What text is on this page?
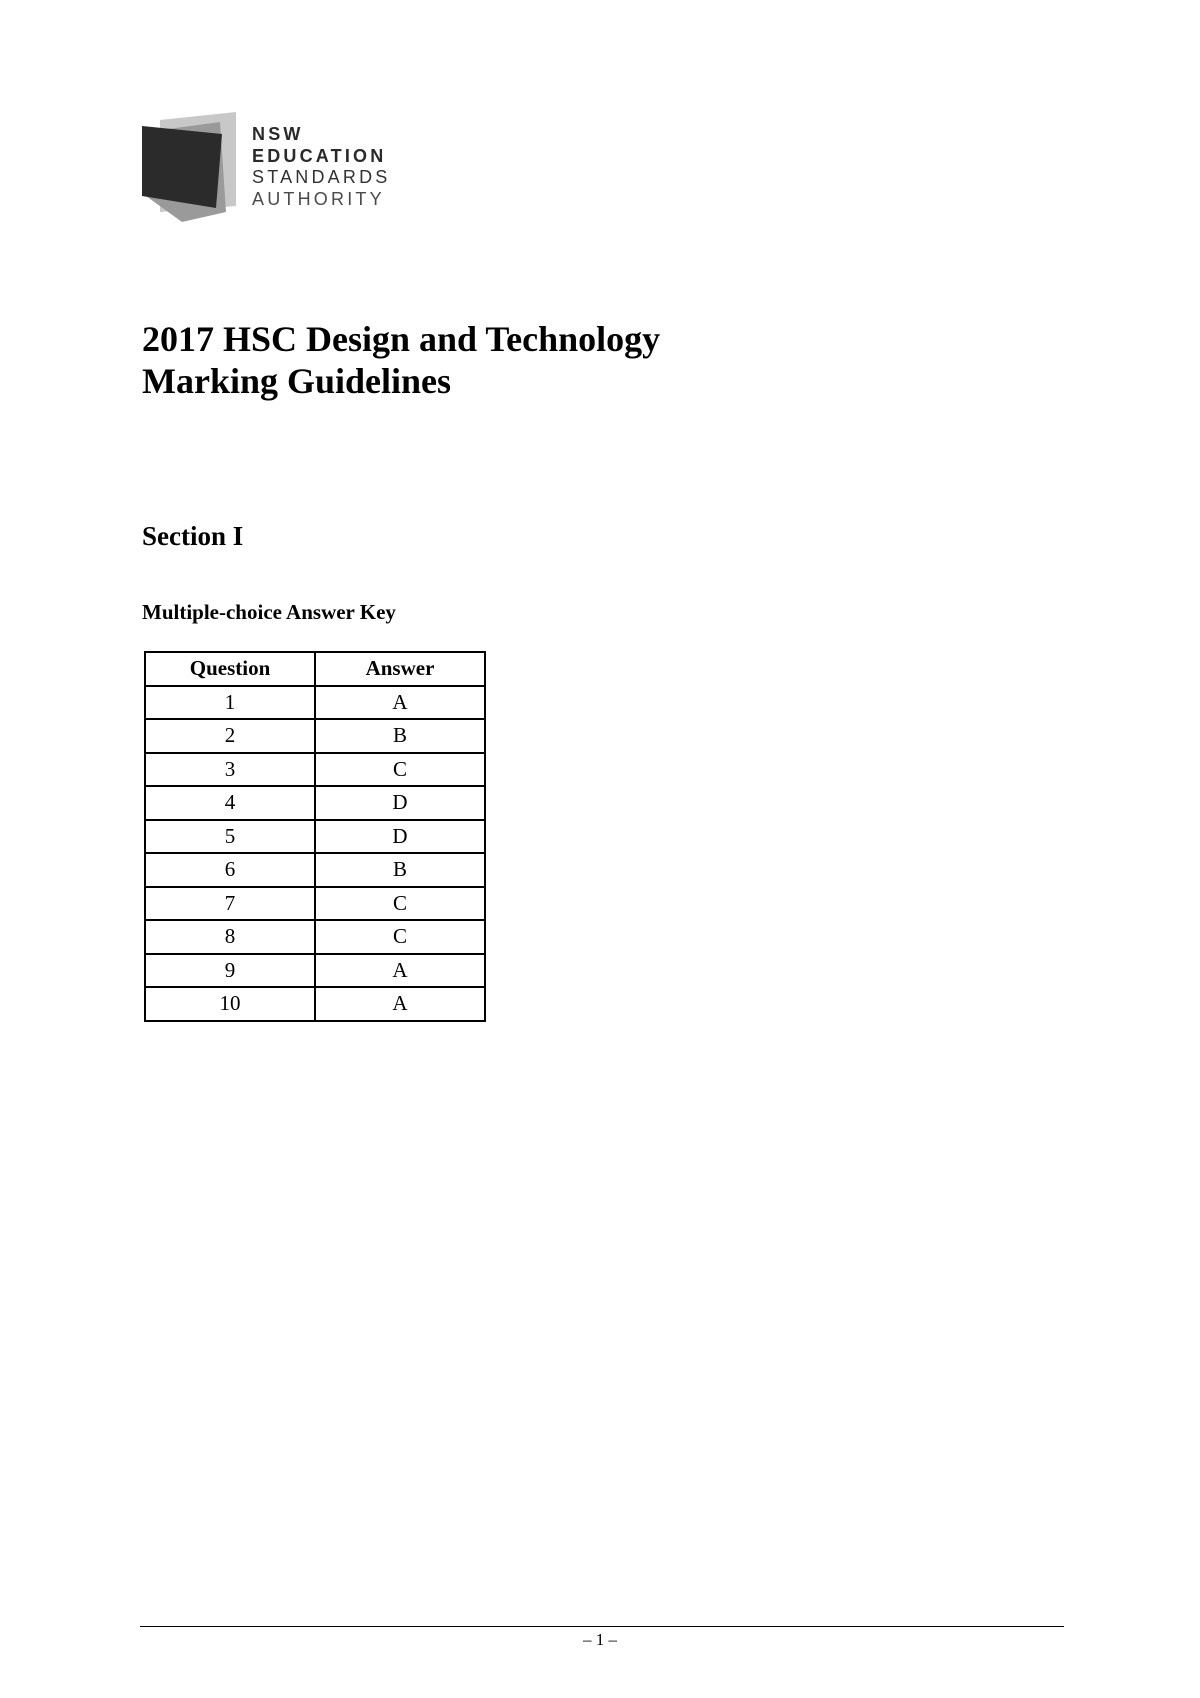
NSW
EDUCATION
STANDARDS
AUTHORITY
2017 HSC Design and Technology
Marking Guidelines
Section I
Multiple-choice Answer Key
Question	Answer
1	A
2	B
3	C
4	D
5	D
6	B
7	C
8	C
9	A
10	A
– 1 –
